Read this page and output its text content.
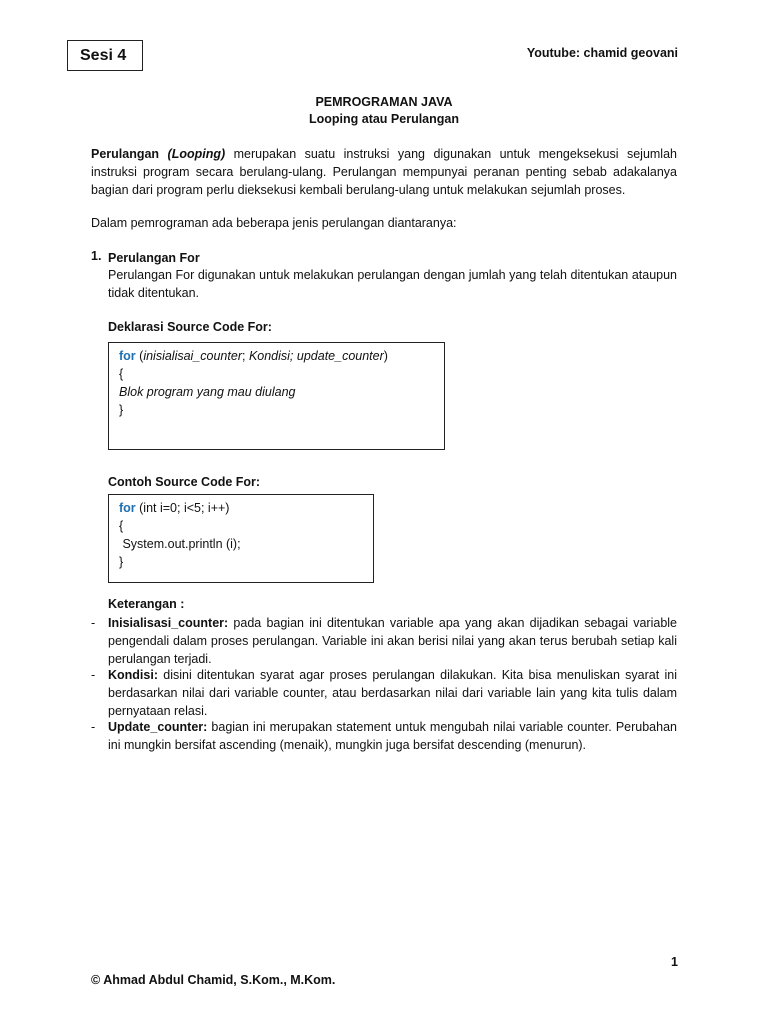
Sesi 4	Youtube: chamid geovani
PEMROGRAMAN JAVA
Looping atau Perulangan
Perulangan (Looping) merupakan suatu instruksi yang digunakan untuk mengeksekusi sejumlah instruksi program secara berulang-ulang. Perulangan mempunyai peranan penting sebab adakalanya bagian dari program perlu dieksekusi kembali berulang-ulang untuk melakukan sejumlah proses.
Dalam pemrograman ada beberapa jenis perulangan diantaranya:
1. Perulangan For
Perulangan For digunakan untuk melakukan perulangan dengan jumlah yang telah ditentukan ataupun tidak ditentukan.
Deklarasi Source Code For:
for (inisialisai_counter; Kondisi; update_counter)
{
Blok program yang mau diulang
}
Contoh Source Code For:
for (int i=0; i<5; i++)
{
System.out.println (i);
}
Keterangan :
- Inisialisasi_counter: pada bagian ini ditentukan variable apa yang akan dijadikan sebagai variable pengendali dalam proses perulangan. Variable ini akan berisi nilai yang akan terus berubah setiap kali perulangan terjadi.
- Kondisi: disini ditentukan syarat agar proses perulangan dilakukan. Kita bisa menuliskan syarat ini berdasarkan nilai dari variable counter, atau berdasarkan nilai dari variable lain yang kita tulis dalam pernyataan relasi.
- Update_counter: bagian ini merupakan statement untuk mengubah nilai variable counter. Perubahan ini mungkin bersifat ascending (menaik), mungkin juga bersifat descending (menurun).
1
© Ahmad Abdul Chamid, S.Kom., M.Kom.
